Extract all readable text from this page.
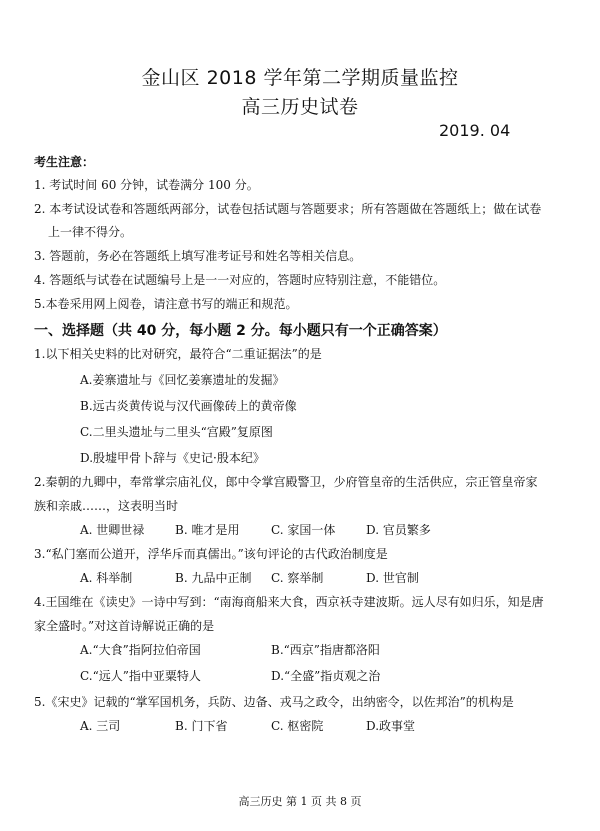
金山区 2018 学年第二学期质量监控
高三历史试卷
2019. 04
考生注意：
1. 考试时间 60 分钟，试卷满分 100 分。
2. 本考试设试卷和答题纸两部分，试卷包括试题与答题要求；所有答题做在答题纸上；做在试卷
上一律不得分。
3. 答题前，务必在答题纸上填写准考证号和姓名等相关信息。
4. 答题纸与试卷在试题编号上是一一对应的，答题时应特别注意，不能错位。
5.本卷采用网上阅卷，请注意书写的端正和规范。
一、选择题（共 40 分，每小题 2 分。每小题只有一个正确答案）
1.以下相关史料的比对研究，最符合“二重证据法”的是
A.姜寨遗址与《回忆姜寨遗址的发掘》
B.远古炎黄传说与汉代画像砖上的黄帝像
C.二里头遗址与二里头“宫殿”复原图
D.殷墟甲骨卜辞与《史记·殷本纪》
2.秦朝的九卿中，奉常掌宗庙礼仪，郎中令掌宫殿警卫，少府管皇帝的生活供应，宗正管皇帝家
族和亲戚……，这表明当时
A. 世卿世禄	B. 唯才是用	C. 家国一体	D. 官员繁多
3.“私门塞而公道开，浮华斥而真儒出。”该句评论的古代政治制度是
A. 科举制	B. 九品中正制 C. 察举制	D. 世官制
4.王国维在《读史》一诗中写到：“南海商船来大食，西京袄寺建波斯。远人尽有如归乐，知是唐
家全盛时。”对这首诗解说正确的是
A.“大食”指阿拉伯帝国	B.“西京”指唐都洛阳
C.“远人”指中亚粟特人	D.“全盛”指贞观之治
5.《宋史》记载的“掌军国机务，兵防、边备、戎马之政令，出纳密令，以佐邦治”的机构是
A. 三司	B. 门下省	C. 枢密院	D.政事堂
高三历史 第 1 页 共 8 页
